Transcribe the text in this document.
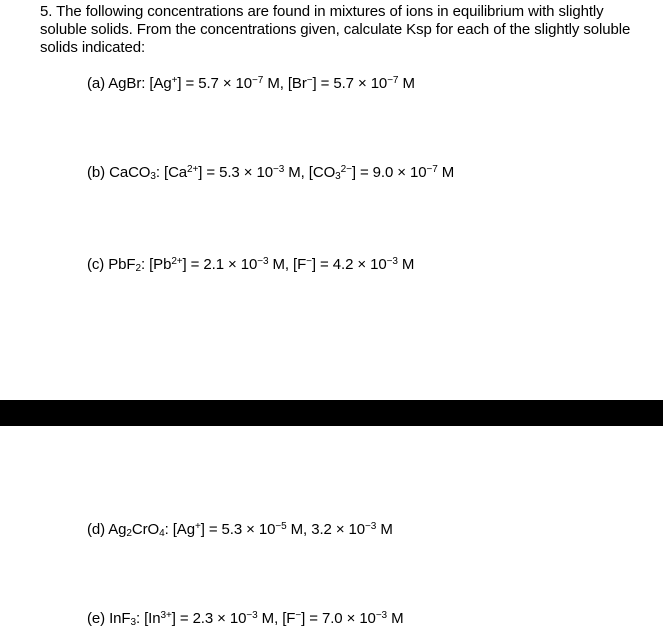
5. The following concentrations are found in mixtures of ions in equilibrium with slightly soluble solids. From the concentrations given, calculate Ksp for each of the slightly soluble solids indicated:
(a) AgBr: $[Ag^+] = 5.7 \times 10^{-7}$ M, $[Br^-] = 5.7 \times 10^{-7}$ M
(b) CaCO$_3$: $[Ca^{2+}] = 5.3 \times 10^{-3}$ M, $[CO_3^{2-}] = 9.0 \times 10^{-7}$ M
(c) PbF$_2$: $[Pb^{2+}] = 2.1 \times 10^{-3}$ M, $[F^-] = 4.2 \times 10^{-3}$ M
(d) $Ag_2CrO_4$: $[Ag^+] = 5.3 \times 10^{-5}$ M, $3.2 \times 10^{-3}$ M
(e) InF$_3$: $[In^{3+}] = 2.3 \times 10^{-3}$ M, $[F^-] = 7.0 \times 10^{-3}$ M
